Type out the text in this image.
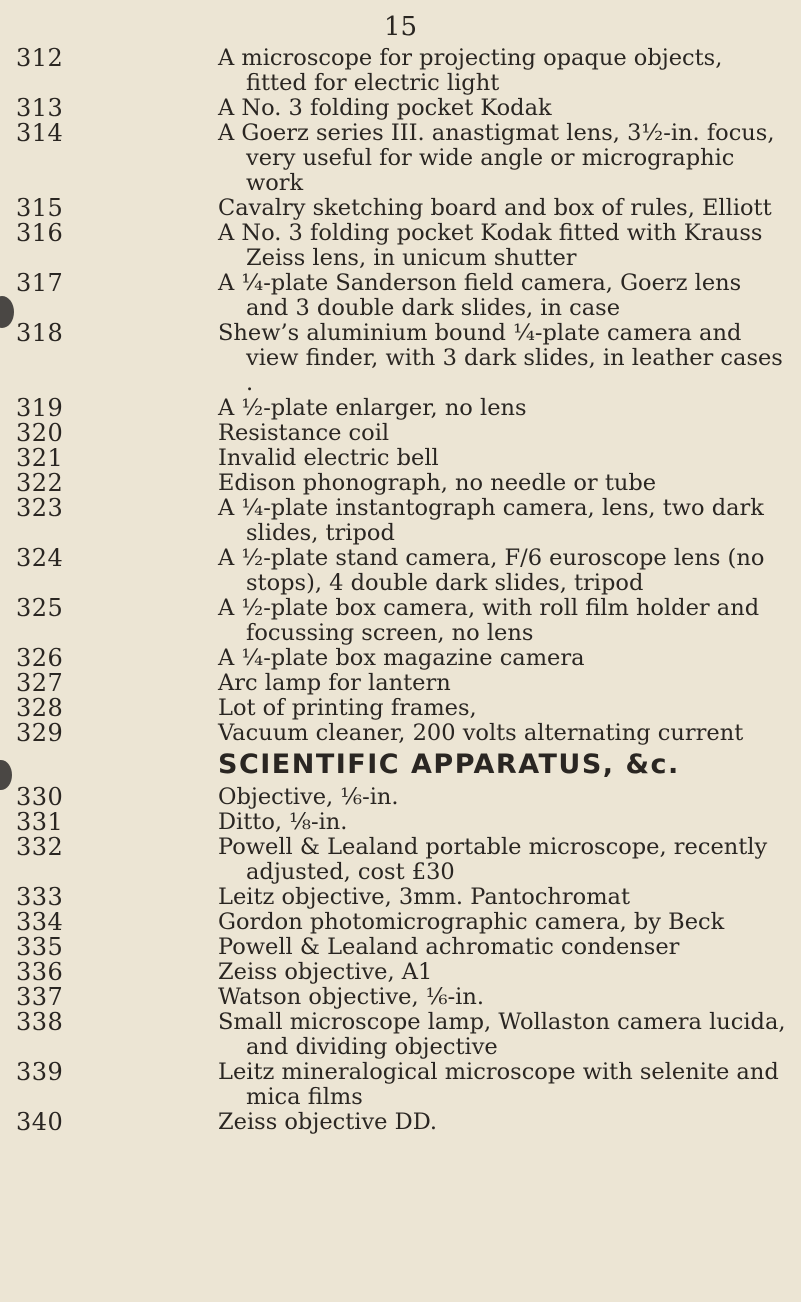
15
312	A microscope for projecting opaque objects, fitted for electric light
313	A No. 3 folding pocket Kodak
314	A Goerz series III. anastigmat lens, 3½-in. focus, very useful for wide angle or micrographic work
315	Cavalry sketching board and box of rules, Elliott
316	A No. 3 folding pocket Kodak fitted with Krauss Zeiss lens, in unicum shutter
317	A ¼-plate Sanderson field camera, Goerz lens and 3 double dark slides, in case
318	Shew’s aluminium bound ¼-plate camera and view finder, with 3 dark slides, in leather cases .
319	A ½-plate enlarger, no lens
320	Resistance coil
321	Invalid electric bell
322	Edison phonograph, no needle or tube
323	A ¼-plate instantograph camera, lens, two dark slides, tripod
324	A ½-plate stand camera, F/6 euroscope lens (no stops), 4 double dark slides, tripod
325	A ½-plate box camera, with roll film holder and focussing screen, no lens
326	A ¼-plate box magazine camera
327	Arc lamp for lantern
328	Lot of printing frames,
329	Vacuum cleaner, 200 volts alternating current
SCIENTIFIC APPARATUS, &c.
330	Objective, ⅙-in.
331	Ditto, ⅛-in.
332	Powell & Lealand portable microscope, recently adjusted, cost £30
333	Leitz objective, 3mm. Pantochromat
334	Gordon photomicrographic camera, by Beck
335	Powell & Lealand achromatic condenser
336	Zeiss objective, A1
337	Watson objective, ⅙-in.
338	Small microscope lamp, Wollaston camera lucida, and dividing objective
339	Leitz mineralogical microscope with selenite and mica films
340	Zeiss objective DD.
